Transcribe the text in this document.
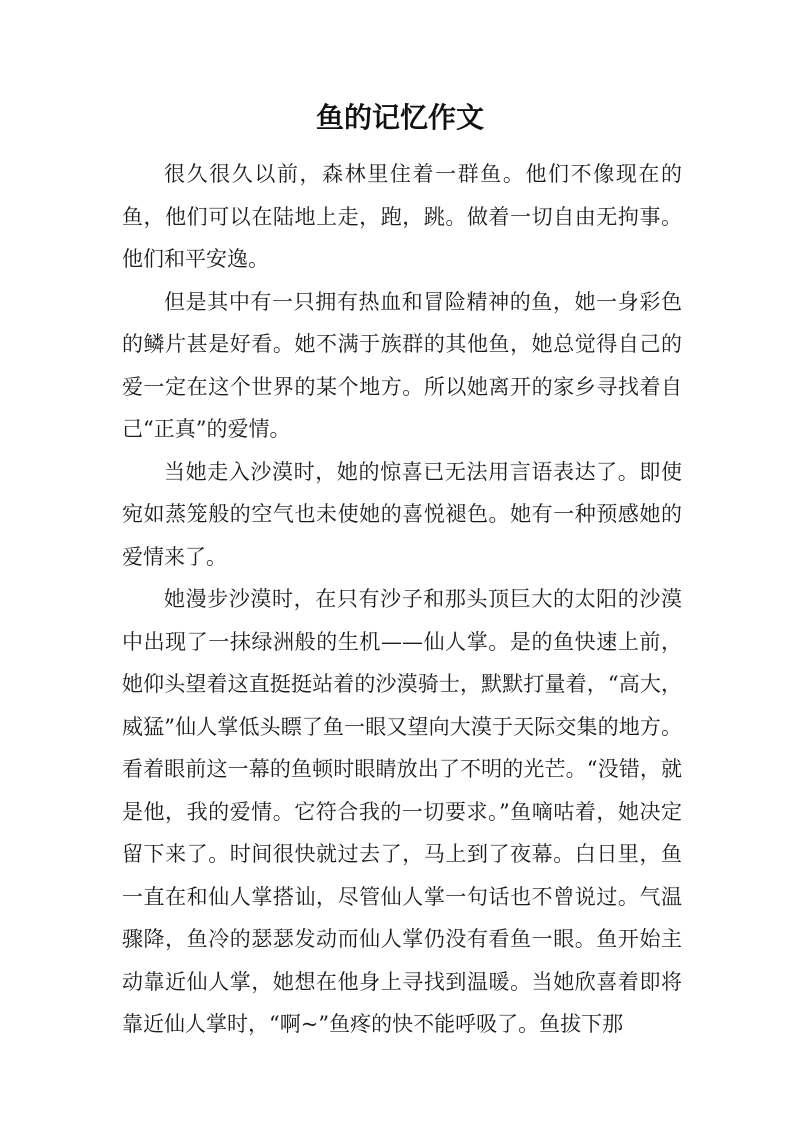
鱼的记忆作文

很久很久以前，森林里住着一群鱼。他们不像现在的鱼，他们可以在陆地上走，跑，跳。做着一切自由无拘事。他们和平安逸。

但是其中有一只拥有热血和冒险精神的鱼，她一身彩色的鳞片甚是好看。她不满于族群的其他鱼，她总觉得自己的爱一定在这个世界的某个地方。所以她离开的家乡寻找着自己“正真”的爱情。

当她走入沙漠时，她的惊喜已无法用言语表达了。即使宛如蒸笼般的空气也未使她的喜悦褪色。她有一种预感她的爱情来了。

她漫步沙漠时，在只有沙子和那头顶巨大的太阳的沙漠中出现了一抹绿洲般的生机——仙人掌。是的鱼快速上前，她仰头望着这直挺挺站着的沙漠骑士，默默打量着，“高大，威猛”仙人掌低头瞟了鱼一眼又望向大漠于天际交集的地方。看着眼前这一幕的鱼顿时眼睛放出了不明的光芒。“没错，就是他，我的爱情。它符合我的一切要求。”鱼嘀咕着，她决定留下来了。时间很快就过去了，马上到了夜幕。白日里，鱼一直在和仙人掌搭讪，尽管仙人掌一句话也不曾说过。气温骤降，鱼冷的瑟瑟发动而仙人掌仍没有看鱼一眼。鱼开始主动靠近仙人掌，她想在他身上寻找到温暖。当她欣喜着即将靠近仙人掌时，“啊~”鱼疼的快不能呼吸了。鱼拔下那
